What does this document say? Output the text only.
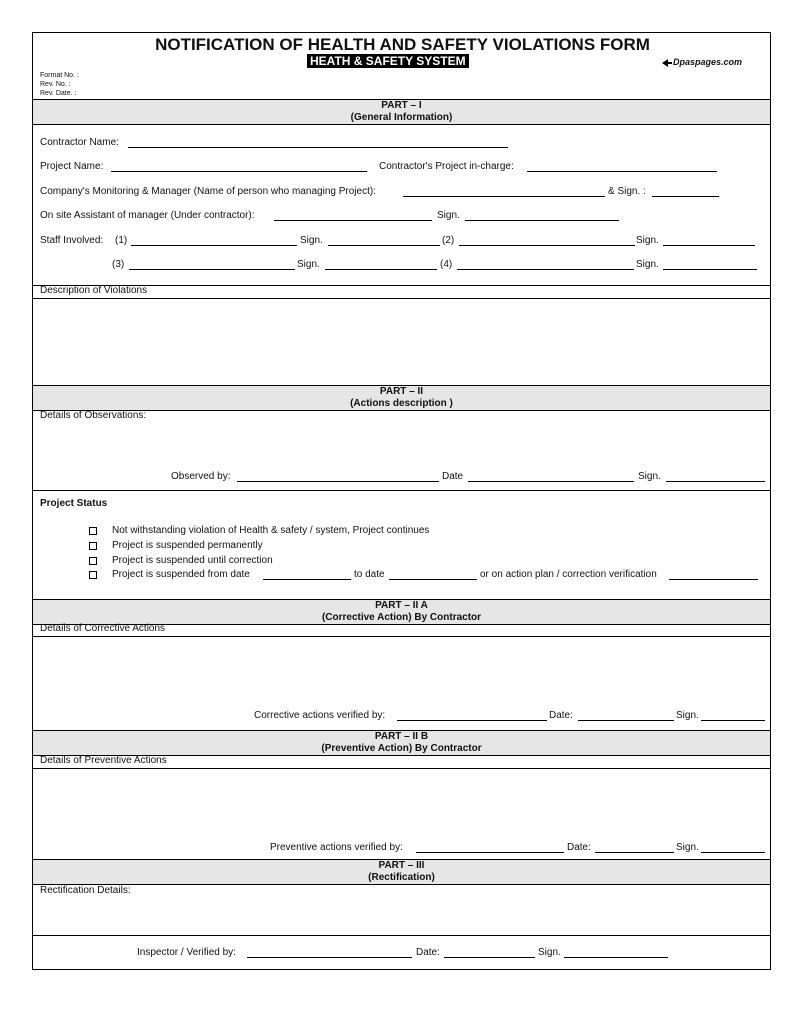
NOTIFICATION OF HEALTH AND SAFETY VIOLATIONS FORM
HEATH & SAFETY SYSTEM	Dpaspages.com
Format No. :
Rev. No. :
Rev. Date. :
PART – I
(General Information)
Contractor Name:
Project Name:	Contractor's Project in-charge:
Company's Monitoring & Manager (Name of person who managing Project):	& Sign. :
On site Assistant of manager (Under contractor):	Sign.
Staff Involved: (1)	Sign.	(2)	Sign.
(3)	Sign.	(4)	Sign.
Description of Violations
PART – II
(Actions description )
Details of Observations:
Observed by:	Date	Sign.
Project Status
Not withstanding violation of Health & safety / system, Project continues
Project is suspended permanently
Project is suspended until correction
Project is suspended from date	to date	or on action plan / correction verification
PART – II A
(Corrective Action) By Contractor
Details of Corrective Actions
Corrective actions verified by:	Date:	Sign.
PART – II B
(Preventive Action) By Contractor
Details of Preventive Actions
Preventive actions verified by:	Date:	Sign.
PART – III
(Rectification)
Rectification Details:
Inspector / Verified by:	Date:	Sign.
